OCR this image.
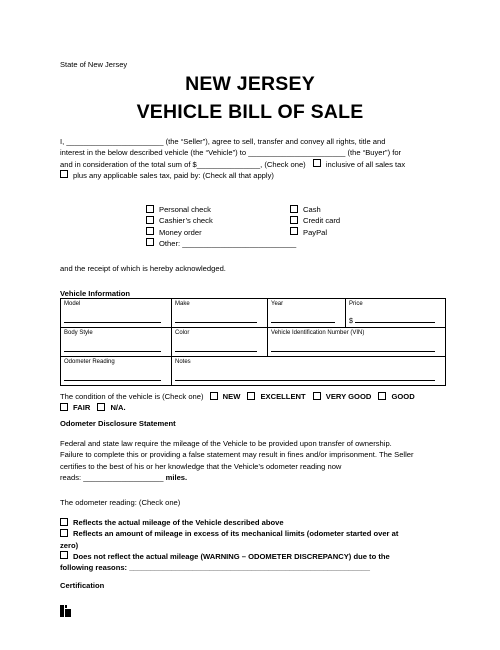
State of New Jersey
NEW JERSEY
VEHICLE BILL OF SALE
I, _______________________ (the “Seller”), agree to sell, transfer and convey all rights, title and
interest in the below described vehicle (the “Vehicle”) to _______________________ (the “Buyer”) for
and in consideration of the total sum of $_______________, (Check one)	inclusive of all sales tax
plus any applicable sales tax, paid by: (Check all that apply)
Personal check
Cashier’s check
Money order
Other: ___________________________
Cash
Credit card
PayPal
and the receipt of which is hereby acknowledged.
Vehicle Information
Model	Make	Year	Price
$

Body Style	Color	Vehicle Identification Number (VIN)	

Odometer Reading	Notes		
The condition of the vehicle is (Check one)	NEW	EXCELLENT	VERY GOOD	GOOD
FAIR	N/A.
Odometer Disclosure Statement
Federal and state law require the mileage of the Vehicle to be provided upon transfer of ownership.
Failure to complete this or providing a false statement may result in fines and/or imprisonment. The Seller
certifies to the best of his or her knowledge that the Vehicle’s odometer reading now
reads: ___________________ miles.
The odometer reading: (Check one)
Reflects the actual mileage of the Vehicle described above
Reflects an amount of mileage in excess of its mechanical limits (odometer started over at
zero)
Does not reflect the actual mileage (WARNING – ODOMETER DISCREPANCY) due to the
following reasons: _________________________________________________________
Certification
